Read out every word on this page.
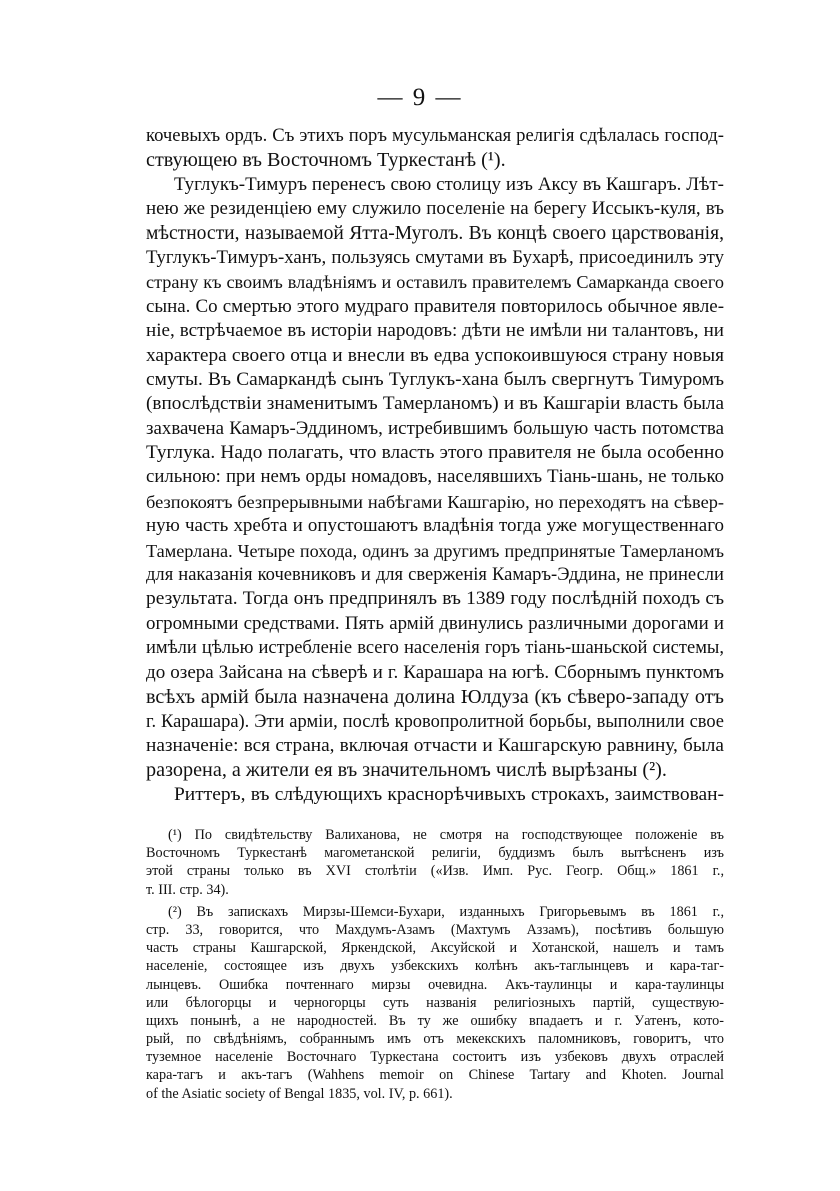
— 9 —
кочевыхъ ордъ. Съ этихъ поръ мусульманская религія сдѣлалась господ-
ствующею въ Восточномъ Туркестанѣ (¹).
Туглукъ-Тимуръ перенесъ свою столицу изъ Аксу въ Кашгаръ. Лѣт-
нею же резиденціею ему служило поселеніе на берегу Иссыкъ-куля, въ
мѣстности, называемой Ятта-Муголъ. Въ концѣ своего царствованія,
Туглукъ-Тимуръ-ханъ, пользуясь смутами въ Бухарѣ, присоединилъ эту
страну къ своимъ владѣніямъ и оставилъ правителемъ Самарканда своего
сына. Со смертью этого мудраго правителя повторилось обычное явле-
ніе, встрѣчаемое въ исторіи народовъ: дѣти не имѣли ни талантовъ, ни
характера своего отца и внесли въ едва успокоившуюся страну новыя
смуты. Въ Самаркандѣ сынъ Туглукъ-хана былъ свергнутъ Тимуромъ
(впослѣдствіи знаменитымъ Тамерланомъ) и въ Кашгаріи власть была
захвачена Камаръ-Эддиномъ, истребившимъ большую часть потомства
Туглука. Надо полагать, что власть этого правителя не была особенно
сильною: при немъ орды номадовъ, населявшихъ Тіань-шань, не только
безпокоятъ безпрерывными набѣгами Кашгарію, но переходятъ на сѣвер-
ную часть хребта и опустошаютъ владѣнія тогда уже могущественнаго
Тамерлана. Четыре похода, одинъ за другимъ предпринятые Тамерланомъ
для наказанія кочевниковъ и для сверженія Камаръ-Эддина, не принесли
результата. Тогда онъ предпринялъ въ 1389 году послѣдній походъ съ
огромными средствами. Пять армій двинулись различными дорогами и
имѣли цѣлью истребленіе всего населенія горъ тіань-шаньской системы,
до озера Зайсана на сѣверѣ и г. Карашара на югѣ. Сборнымъ пунктомъ
всѣхъ армій была назначена долина Юлдуза (къ сѣверо-западу отъ
г. Карашара). Эти арміи, послѣ кровопролитной борьбы, выполнили свое
назначеніе: вся страна, включая отчасти и Кашгарскую равнину, была
разорена, а жители ея въ значительномъ числѣ вырѣзаны (²).
Риттеръ, въ слѣдующихъ краснорѣчивыхъ строкахъ, заимствован-
(¹) По свидѣтельству Валиханова, не смотря на господствующее положеніе въ
Восточномъ Туркестанѣ магометанской религіи, буддизмъ былъ вытѣсненъ изъ
этой страны только въ XVI столѣтіи («Изв. Имп. Рус. Геогр. Общ.» 1861 г.,
т. III. стр. 34).
(²) Въ запискахъ Мирзы-Шемси-Бухари, изданныхъ Григорьевымъ въ 1861 г.,
стр. 33, говорится, что Махдумъ-Азамъ (Махтумъ Аззамъ), посѣтивъ большую
часть страны Кашгарской, Яркендской, Аксуйской и Хотанской, нашелъ и тамъ
населеніе, состоящее изъ двухъ узбекскихъ колѣнъ акъ-таглынцевъ и кара-таг-
лынцевъ. Ошибка почтеннаго мирзы очевидна. Акъ-таулинцы и кара-таулинцы
или бѣлогорцы и черногорцы суть названія религіозныхъ партій, существую-
щихъ понынѣ, а не народностей. Въ ту же ошибку впадаетъ и г. Уатенъ, кото-
рый, по свѣдѣніямъ, собраннымъ имъ отъ мекекскихъ паломниковъ, говоритъ, что
туземное населеніе Восточнаго Туркестана состоитъ изъ узбековъ двухъ отраслей
кара-тагъ и акъ-тагъ (Wahhens memoir on Chinese Tartary and Khoten. Journal
of the Asiatic society of Bengal 1835, vol. IV, p. 661).
